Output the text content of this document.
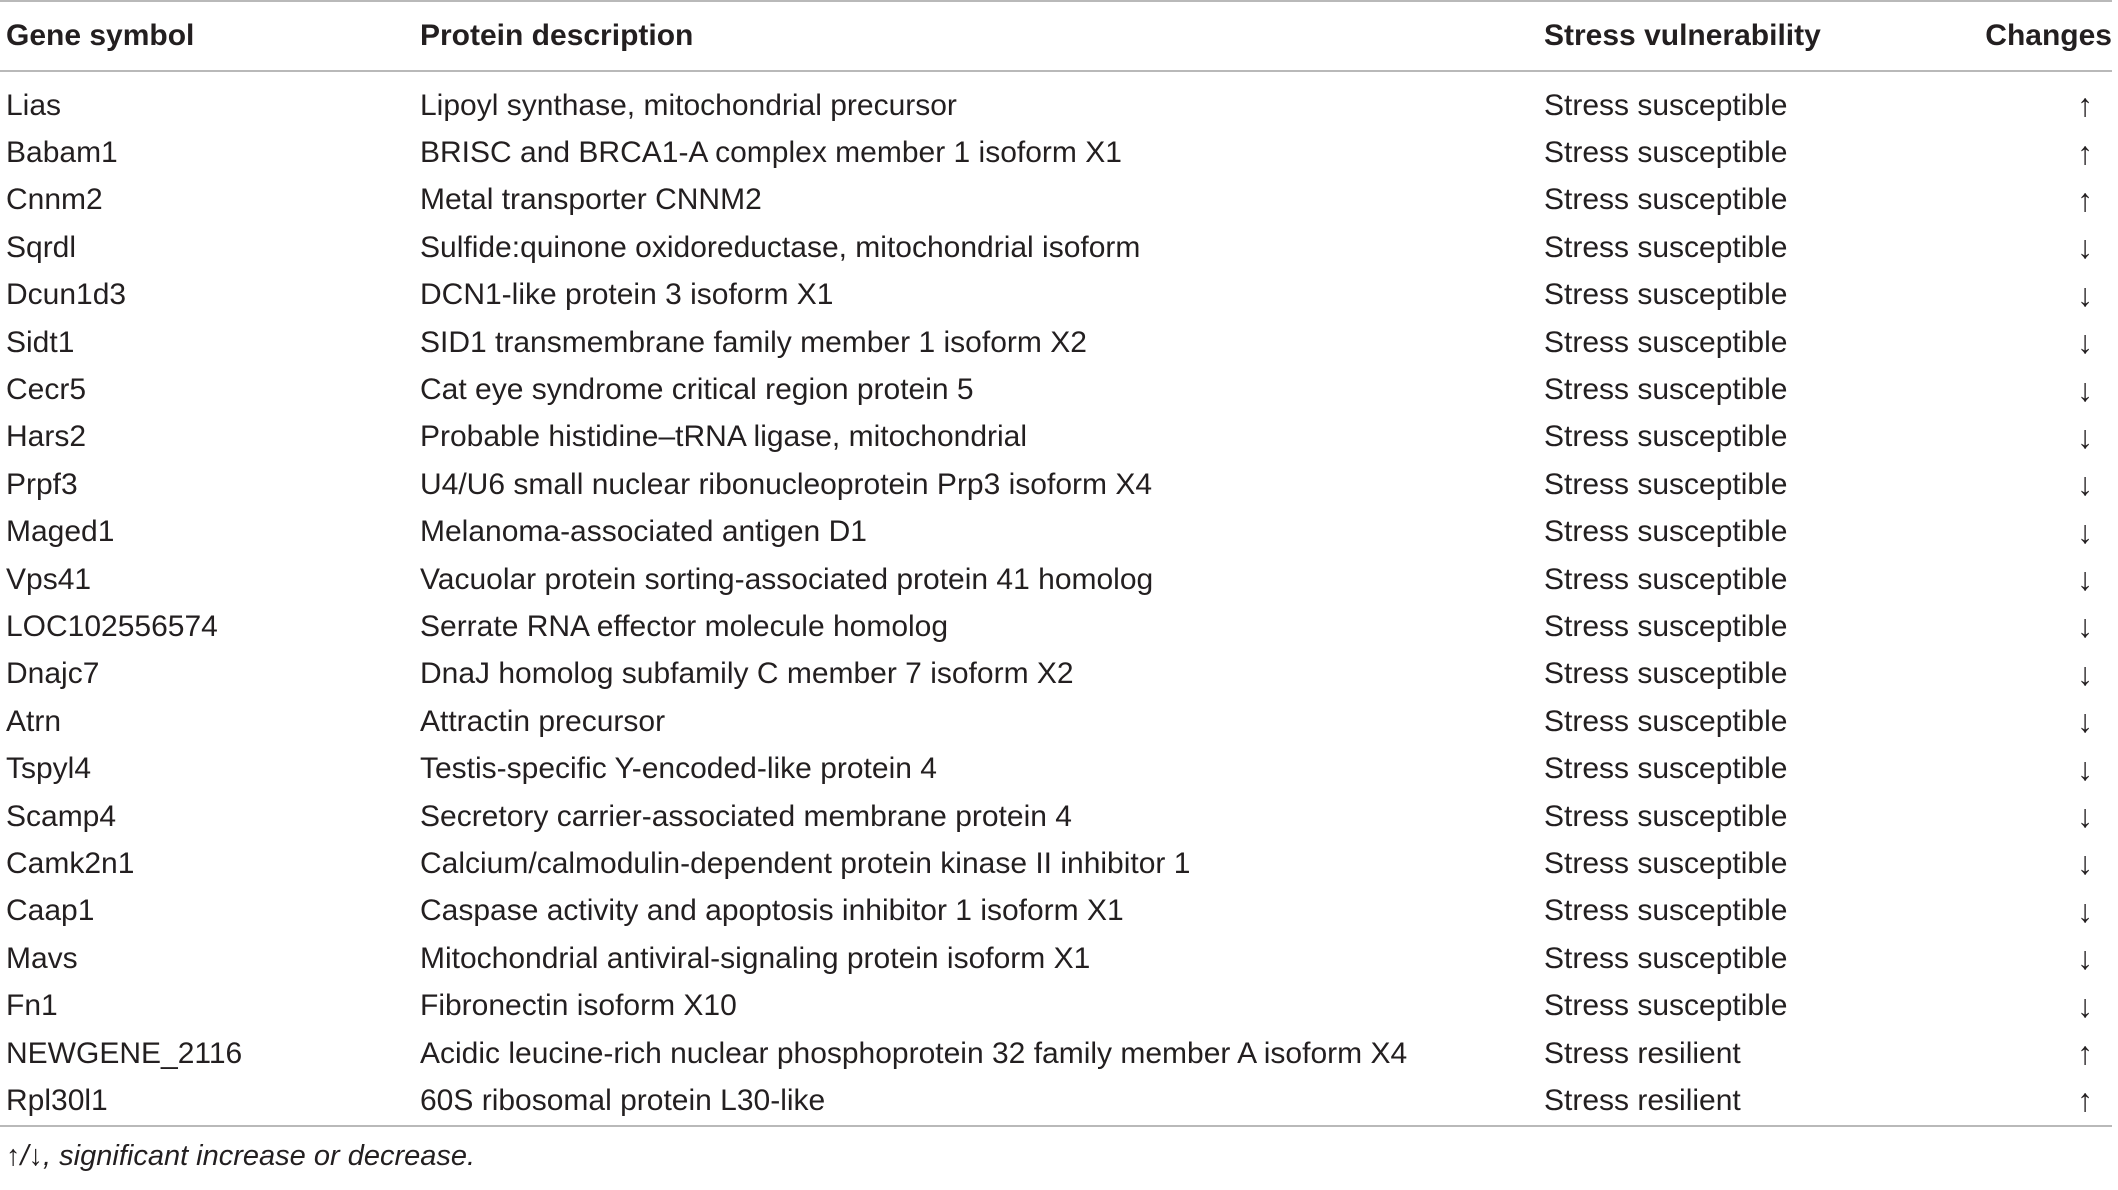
Gene symbol	Protein description	Stress vulnerability	Changes
Lias	Lipoyl synthase, mitochondrial precursor	Stress susceptible	↑
Babam1	BRISC and BRCA1-A complex member 1 isoform X1	Stress susceptible	↑
Cnnm2	Metal transporter CNNM2	Stress susceptible	↑
Sqrdl	Sulfide:quinone oxidoreductase, mitochondrial isoform	Stress susceptible	↓
Dcun1d3	DCN1-like protein 3 isoform X1	Stress susceptible	↓
Sidt1	SID1 transmembrane family member 1 isoform X2	Stress susceptible	↓
Cecr5	Cat eye syndrome critical region protein 5	Stress susceptible	↓
Hars2	Probable histidine–tRNA ligase, mitochondrial	Stress susceptible	↓
Prpf3	U4/U6 small nuclear ribonucleoprotein Prp3 isoform X4	Stress susceptible	↓
Maged1	Melanoma-associated antigen D1	Stress susceptible	↓
Vps41	Vacuolar protein sorting-associated protein 41 homolog	Stress susceptible	↓
LOC102556574	Serrate RNA effector molecule homolog	Stress susceptible	↓
Dnajc7	DnaJ homolog subfamily C member 7 isoform X2	Stress susceptible	↓
Atrn	Attractin precursor	Stress susceptible	↓
Tspyl4	Testis-specific Y-encoded-like protein 4	Stress susceptible	↓
Scamp4	Secretory carrier-associated membrane protein 4	Stress susceptible	↓
Camk2n1	Calcium/calmodulin-dependent protein kinase II inhibitor 1	Stress susceptible	↓
Caap1	Caspase activity and apoptosis inhibitor 1 isoform X1	Stress susceptible	↓
Mavs	Mitochondrial antiviral-signaling protein isoform X1	Stress susceptible	↓
Fn1	Fibronectin isoform X10	Stress susceptible	↓
NEWGENE_2116	Acidic leucine-rich nuclear phosphoprotein 32 family member A isoform X4	Stress resilient	↑
Rpl30l1	60S ribosomal protein L30-like	Stress resilient	↑
↑/↓, significant increase or decrease.			
